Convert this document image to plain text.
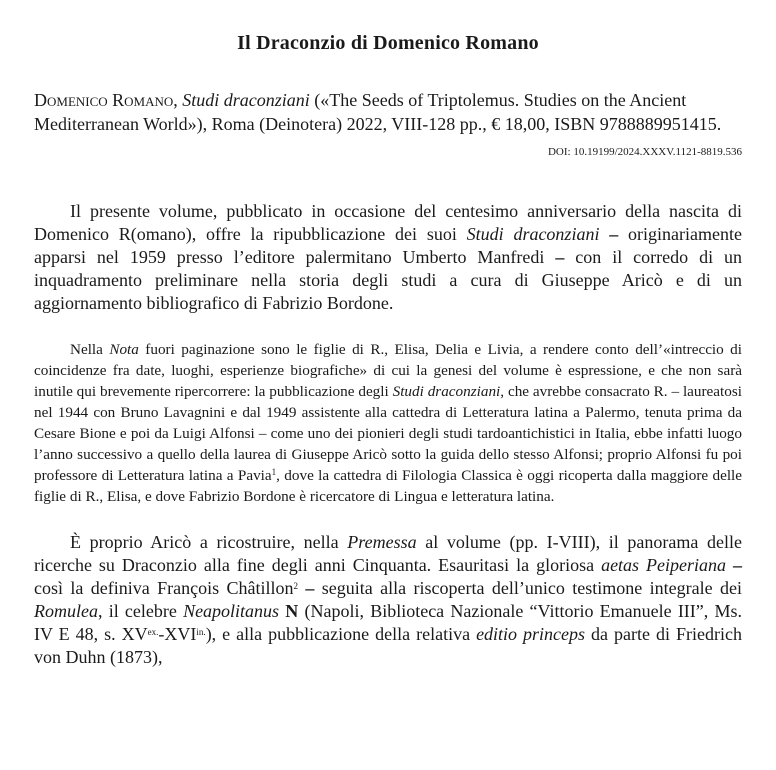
Il Draconzio di Domenico Romano

Domenico Romano, Studi draconziani («The Seeds of Triptolemus. Studies on the Ancient Mediterranean World»), Roma (Deinotera) 2022, VIII-128 pp., € 18,00, ISBN 9788889951415.

DOI: 10.19199/2024.XXXV.1121-8819.536

Il presente volume, pubblicato in occasione del centesimo anniversario della nascita di Domenico R(omano), offre la ripubblicazione dei suoi Studi draconziani – originariamente apparsi nel 1959 presso l’editore palermitano Umberto Manfredi – con il corredo di un inquadramento preliminare nella storia degli studi a cura di Giuseppe Aricò e di un aggiornamento bibliografico di Fabrizio Bordone.

Nella Nota fuori paginazione sono le figlie di R., Elisa, Delia e Livia, a rendere conto dell’«intreccio di coincidenze fra date, luoghi, esperienze biografiche» di cui la genesi del volume è espressione, e che non sarà inutile qui brevemente ripercorrere: la pubblicazione degli Studi draconziani, che avrebbe consacrato R. – laureatosi nel 1944 con Bruno Lavagnini e dal 1949 assistente alla cattedra di Letteratura latina a Palermo, tenuta prima da Cesare Bione e poi da Luigi Alfonsi – come uno dei pionieri degli studi tardoantichistici in Italia, ebbe infatti luogo l’anno successivo a quello della laurea di Giuseppe Aricò sotto la guida dello stesso Alfonsi; proprio Alfonsi fu poi professore di Letteratura latina a Pavia$^1$, dove la cattedra di Filologia Classica è oggi ricoperta dalla maggiore delle figlie di R., Elisa, e dove Fabrizio Bordone è ricercatore di Lingua e letteratura latina.

È proprio Aricò a ricostruire, nella Premessa al volume (pp. I-VIII), il panorama delle ricerche su Draconzio alla fine degli anni Cinquanta. Esauritasi la gloriosa aetas Peiperiana – così la definiva François Châtillon$^2$ – seguita alla riscoperta dell’unico testimone integrale dei Romulea, il celebre Neapolitanus N (Napoli, Biblioteca Nazionale “Vittorio Emanuele III”, Ms. IV E 48, s. $XV^{ex.}-XVI^{in.}$), e alla pubblicazione della relativa editio princeps da parte di Friedrich von Duhn (1873),
